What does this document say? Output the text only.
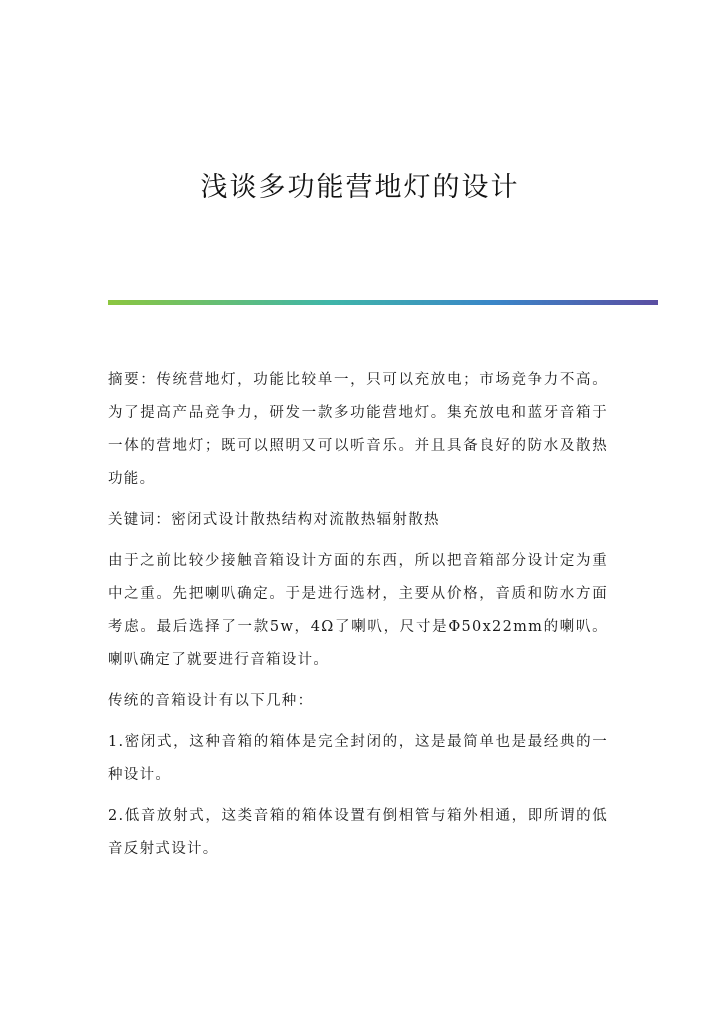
浅谈多功能营地灯的设计

摘要：传统营地灯，功能比较单一，只可以充放电；市场竞争力不高。为了提高产品竞争力，研发一款多功能营地灯。集充放电和蓝牙音箱于一体的营地灯；既可以照明又可以听音乐。并且具备良好的防水及散热功能。

关键词：密闭式设计散热结构对流散热辐射散热

由于之前比较少接触音箱设计方面的东西，所以把音箱部分设计定为重中之重。先把喇叭确定。于是进行选材，主要从价格，音质和防水方面考虑。最后选择了一款5w，4Ω了喇叭，尺寸是Φ50x22mm的喇叭。喇叭确定了就要进行音箱设计。

传统的音箱设计有以下几种：

1.密闭式，这种音箱的箱体是完全封闭的，这是最简单也是最经典的一种设计。

2.低音放射式，这类音箱的箱体设置有倒相管与箱外相通，即所谓的低音反射式设计。
